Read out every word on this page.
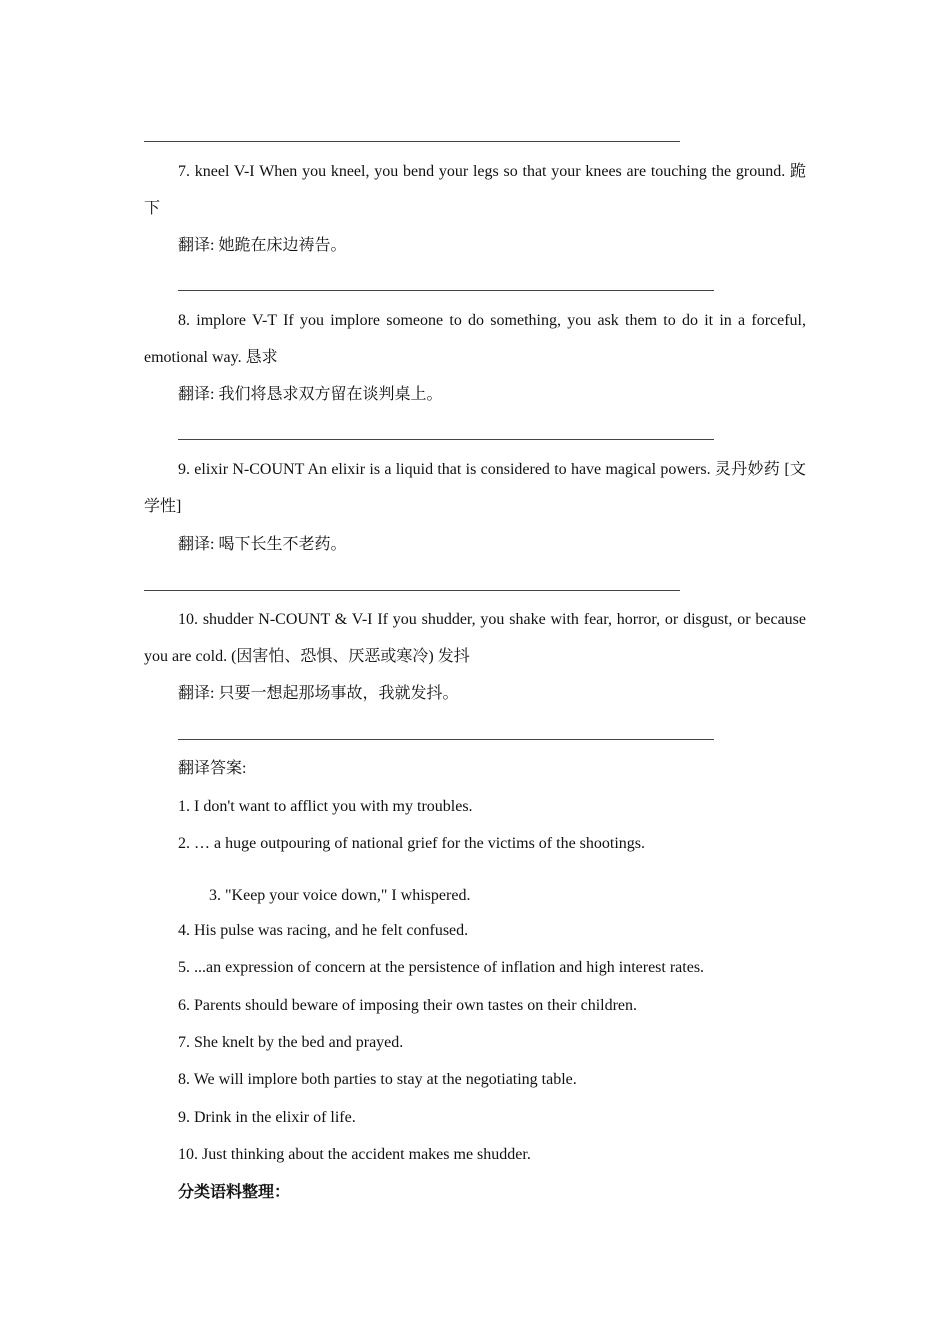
7. kneel V-I When you kneel, you bend your legs so that your knees are touching the ground. 跪下
翻译: 她跪在床边祷告。
8. implore V-T If you implore someone to do something, you ask them to do it in a forceful, emotional way. 恳求
翻译: 我们将恳求双方留在谈判桌上。
9. elixir N-COUNT An elixir is a liquid that is considered to have magical powers. 灵丹妙药 [文学性]
翻译: 喝下长生不老药。
10. shudder N-COUNT & V-I If you shudder, you shake with fear, horror, or disgust, or because you are cold. (因害怕、恐惧、厌恶或寒冷) 发抖
翻译: 只要一想起那场事故，我就发抖。
翻译答案:
1. I don't want to afflict you with my troubles.
2. … a huge outpouring of national grief for the victims of the shootings.
3. "Keep your voice down," I whispered.
4. His pulse was racing, and he felt confused.
5. ...an expression of concern at the persistence of inflation and high interest rates.
6. Parents should beware of imposing their own tastes on their children.
7. She knelt by the bed and prayed.
8. We will implore both parties to stay at the negotiating table.
9. Drink in the elixir of life.
10. Just thinking about the accident makes me shudder.
分类语料整理：
